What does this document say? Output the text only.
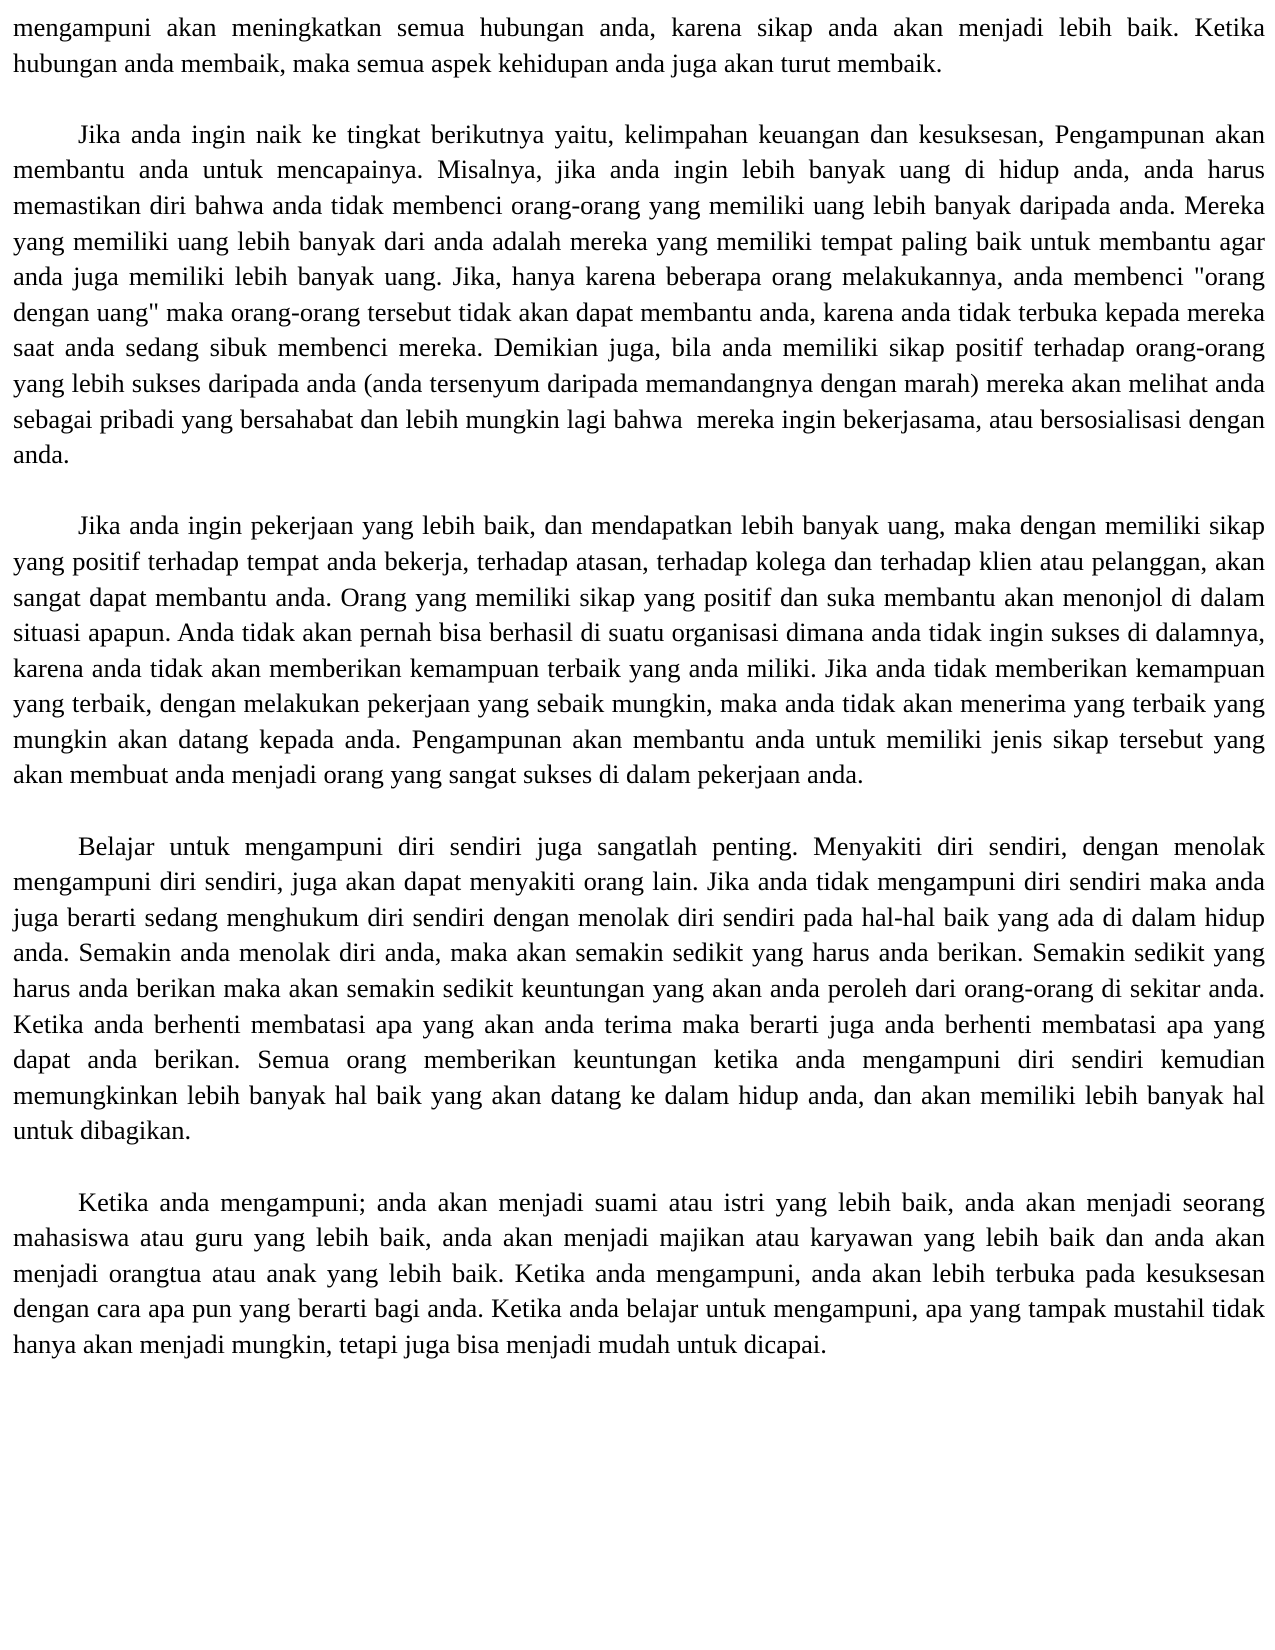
mengampuni akan meningkatkan semua hubungan anda, karena sikap anda akan menjadi lebih baik. Ketika hubungan anda membaik, maka semua aspek kehidupan anda juga akan turut membaik.

Jika anda ingin naik ke tingkat berikutnya yaitu, kelimpahan keuangan dan kesuksesan, Pengampunan akan membantu anda untuk mencapainya. Misalnya, jika anda ingin lebih banyak uang di hidup anda, anda harus memastikan diri bahwa anda tidak membenci orang-orang yang memiliki uang lebih banyak daripada anda. Mereka yang memiliki uang lebih banyak dari anda adalah mereka yang memiliki tempat paling baik untuk membantu agar anda juga memiliki lebih banyak uang. Jika, hanya karena beberapa orang melakukannya, anda membenci "orang dengan uang" maka orang-orang tersebut tidak akan dapat membantu anda, karena anda tidak terbuka kepada mereka saat anda sedang sibuk membenci mereka. Demikian juga, bila anda memiliki sikap positif terhadap orang-orang yang lebih sukses daripada anda (anda tersenyum daripada memandangnya dengan marah) mereka akan melihat anda sebagai pribadi yang bersahabat dan lebih mungkin lagi bahwa  mereka ingin bekerjasama, atau bersosialisasi dengan anda.

Jika anda ingin pekerjaan yang lebih baik, dan mendapatkan lebih banyak uang, maka dengan memiliki sikap yang positif terhadap tempat anda bekerja, terhadap atasan, terhadap kolega dan terhadap klien atau pelanggan, akan sangat dapat membantu anda. Orang yang memiliki sikap yang positif dan suka membantu akan menonjol di dalam situasi apapun. Anda tidak akan pernah bisa berhasil di suatu organisasi dimana anda tidak ingin sukses di dalamnya, karena anda tidak akan memberikan kemampuan terbaik yang anda miliki. Jika anda tidak memberikan kemampuan yang terbaik, dengan melakukan pekerjaan yang sebaik mungkin, maka anda tidak akan menerima yang terbaik yang mungkin akan datang kepada anda. Pengampunan akan membantu anda untuk memiliki jenis sikap tersebut yang akan membuat anda menjadi orang yang sangat sukses di dalam pekerjaan anda.

Belajar untuk mengampuni diri sendiri juga sangatlah penting. Menyakiti diri sendiri, dengan menolak mengampuni diri sendiri, juga akan dapat menyakiti orang lain. Jika anda tidak mengampuni diri sendiri maka anda juga berarti sedang menghukum diri sendiri dengan menolak diri sendiri pada hal-hal baik yang ada di dalam hidup anda. Semakin anda menolak diri anda, maka akan semakin sedikit yang harus anda berikan. Semakin sedikit yang harus anda berikan maka akan semakin sedikit keuntungan yang akan anda peroleh dari orang-orang di sekitar anda. Ketika anda berhenti membatasi apa yang akan anda terima maka berarti juga anda berhenti membatasi apa yang dapat anda berikan. Semua orang memberikan keuntungan ketika anda mengampuni diri sendiri kemudian memungkinkan lebih banyak hal baik yang akan datang ke dalam hidup anda, dan akan memiliki lebih banyak hal untuk dibagikan.

Ketika anda mengampuni; anda akan menjadi suami atau istri yang lebih baik, anda akan menjadi seorang mahasiswa atau guru yang lebih baik, anda akan menjadi majikan atau karyawan yang lebih baik dan anda akan menjadi orangtua atau anak yang lebih baik. Ketika anda mengampuni, anda akan lebih terbuka pada kesuksesan dengan cara apa pun yang berarti bagi anda. Ketika anda belajar untuk mengampuni, apa yang tampak mustahil tidak hanya akan menjadi mungkin, tetapi juga bisa menjadi mudah untuk dicapai.
